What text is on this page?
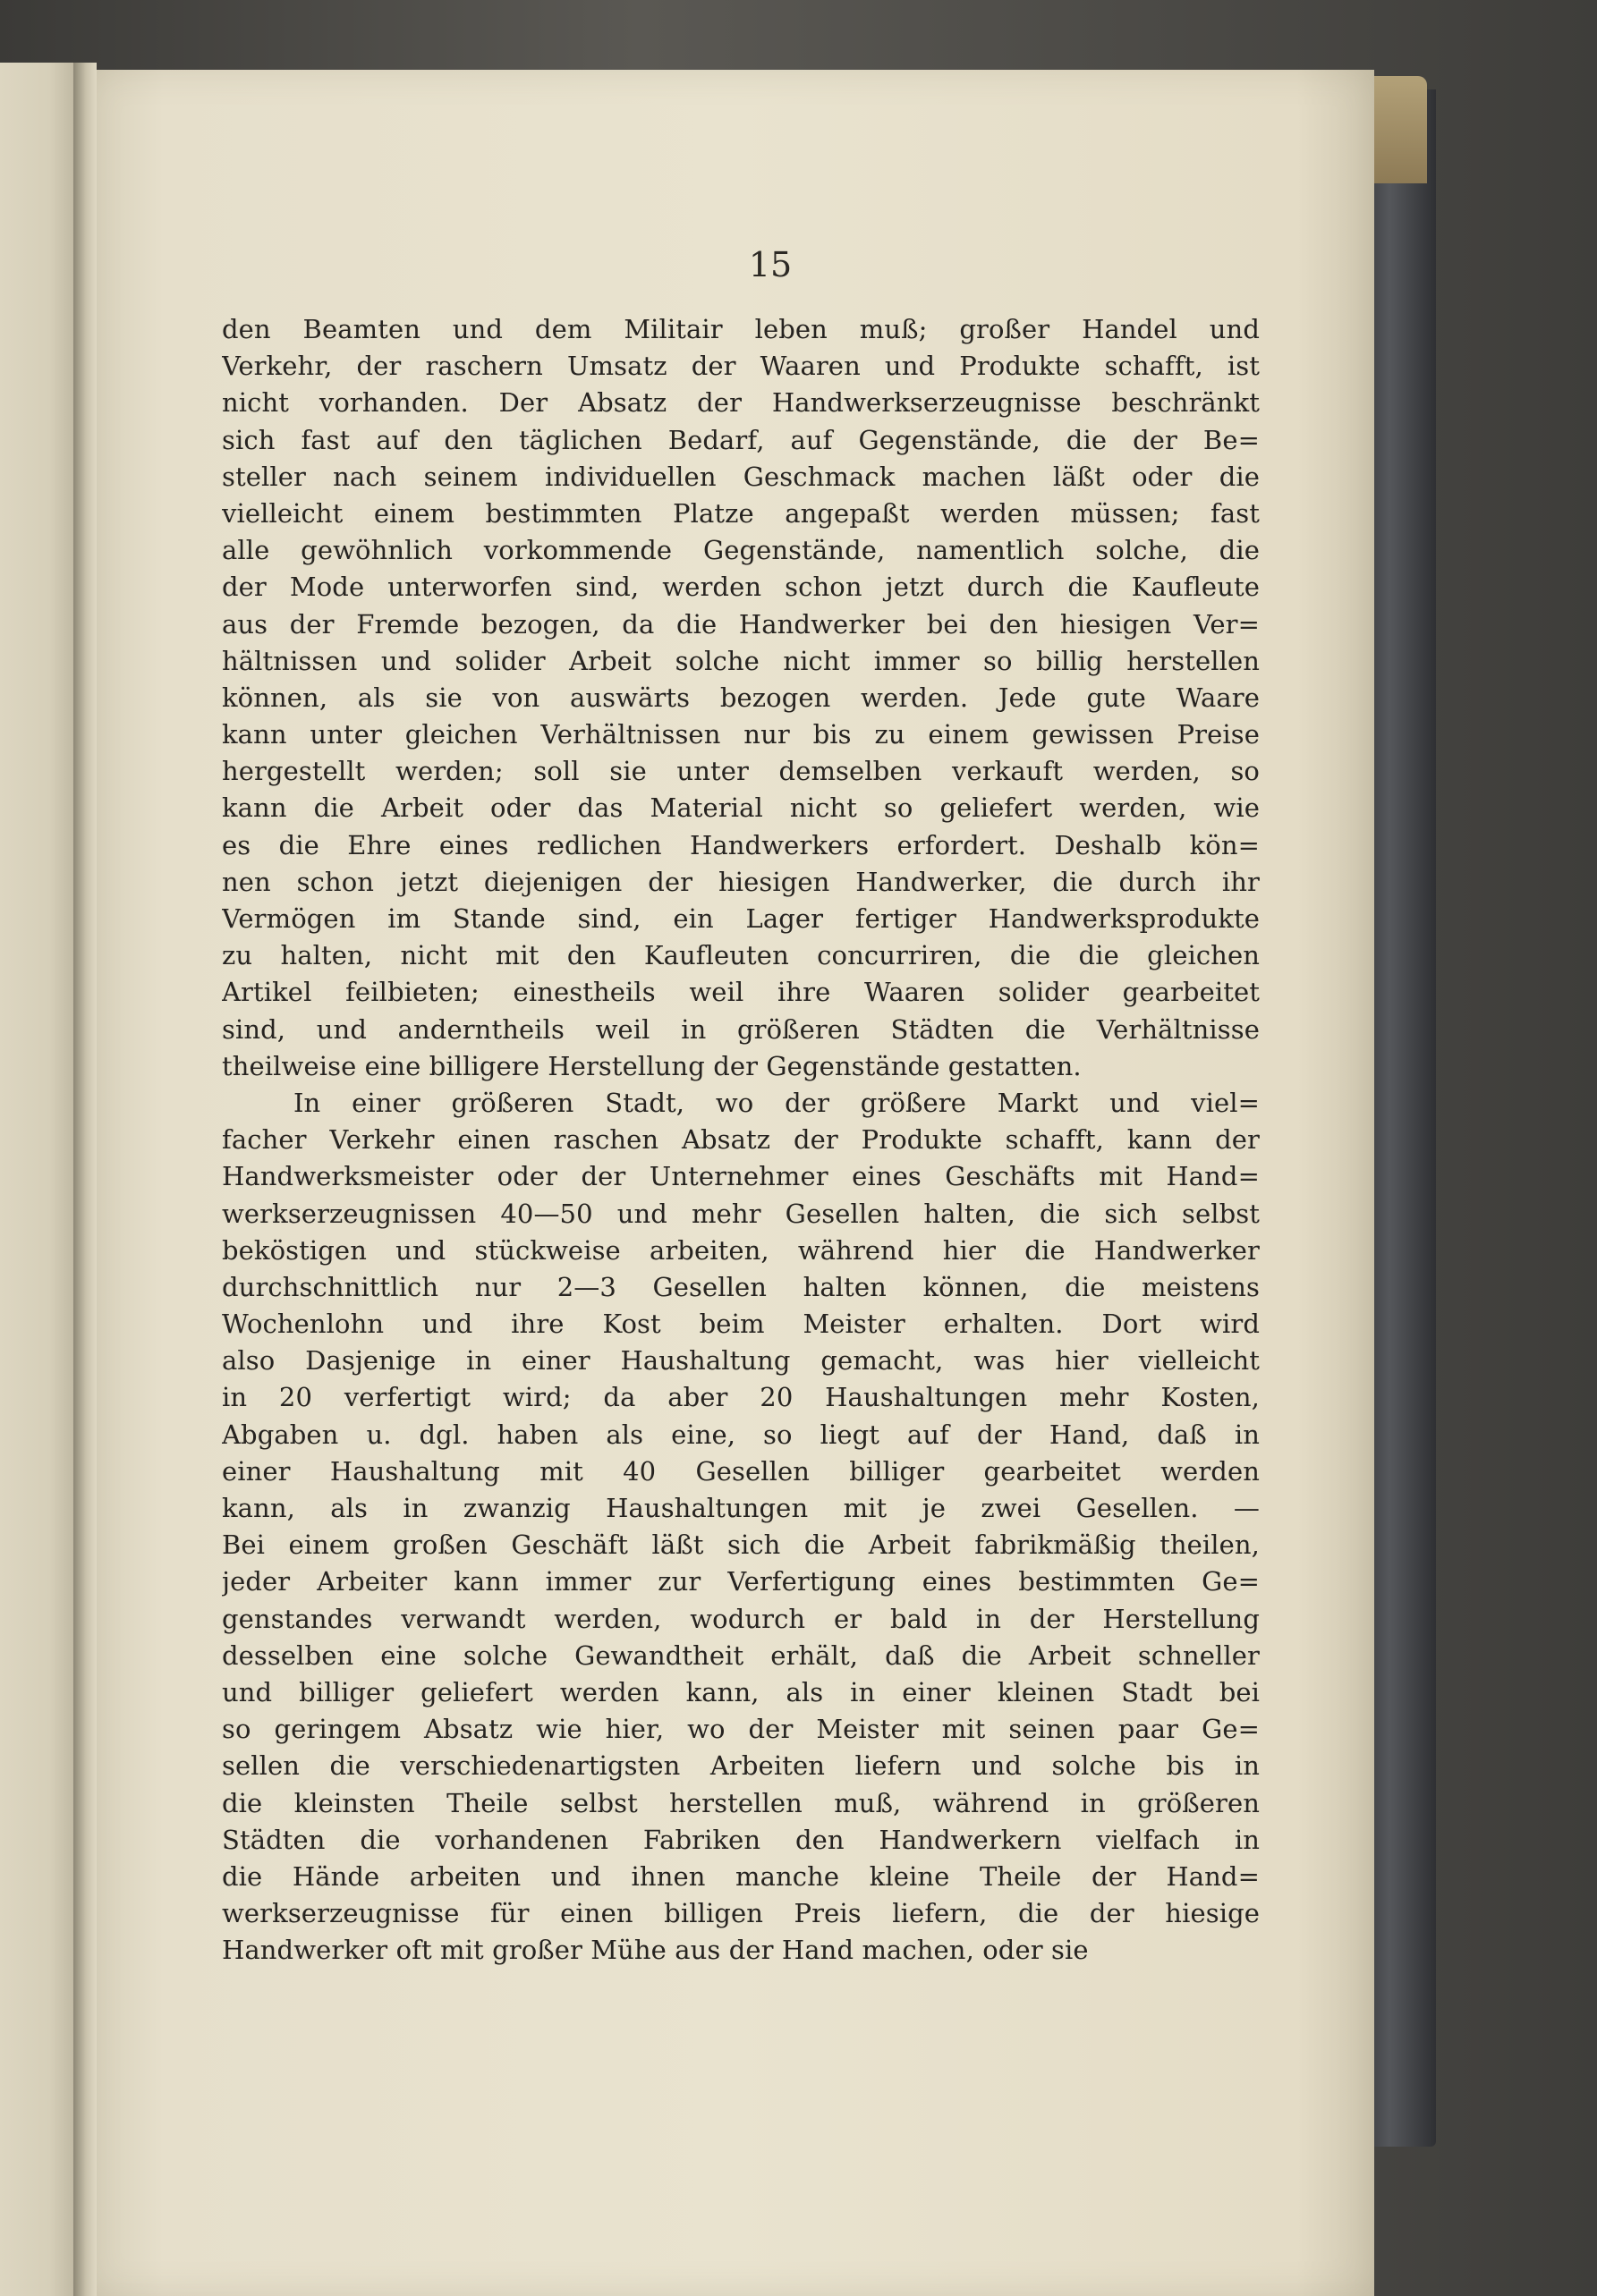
15

den Beamten und dem Militair leben muß; großer Handel und
Verkehr, der raschern Umsatz der Waaren und Produkte schafft, ist
nicht vorhanden. Der Absatz der Handwerkserzeugnisse beschränkt
sich fast auf den täglichen Bedarf, auf Gegenstände, die der Be=
steller nach seinem individuellen Geschmack machen läßt oder die
vielleicht einem bestimmten Platze angepaßt werden müssen; fast
alle gewöhnlich vorkommende Gegenstände, namentlich solche, die
der Mode unterworfen sind, werden schon jetzt durch die Kaufleute
aus der Fremde bezogen, da die Handwerker bei den hiesigen Ver=
hältnissen und solider Arbeit solche nicht immer so billig herstellen
können, als sie von auswärts bezogen werden. Jede gute Waare
kann unter gleichen Verhältnissen nur bis zu einem gewissen Preise
hergestellt werden; soll sie unter demselben verkauft werden, so
kann die Arbeit oder das Material nicht so geliefert werden, wie
es die Ehre eines redlichen Handwerkers erfordert. Deshalb kön=
nen schon jetzt diejenigen der hiesigen Handwerker, die durch ihr
Vermögen im Stande sind, ein Lager fertiger Handwerksprodukte
zu halten, nicht mit den Kaufleuten concurriren, die die gleichen
Artikel feilbieten; einestheils weil ihre Waaren solider gearbeitet
sind, und anderntheils weil in größeren Städten die Verhältnisse
theilweise eine billigere Herstellung der Gegenstände gestatten.
In einer größeren Stadt, wo der größere Markt und viel=
facher Verkehr einen raschen Absatz der Produkte schafft, kann der
Handwerksmeister oder der Unternehmer eines Geschäfts mit Hand=
werkserzeugnissen 40—50 und mehr Gesellen halten, die sich selbst
beköstigen und stückweise arbeiten, während hier die Handwerker
durchschnittlich nur 2—3 Gesellen halten können, die meistens
Wochenlohn und ihre Kost beim Meister erhalten. Dort wird
also Dasjenige in einer Haushaltung gemacht, was hier vielleicht
in 20 verfertigt wird; da aber 20 Haushaltungen mehr Kosten,
Abgaben u. dgl. haben als eine, so liegt auf der Hand, daß in
einer Haushaltung mit 40 Gesellen billiger gearbeitet werden
kann, als in zwanzig Haushaltungen mit je zwei Gesellen. —
Bei einem großen Geschäft läßt sich die Arbeit fabrikmäßig theilen,
jeder Arbeiter kann immer zur Verfertigung eines bestimmten Ge=
genstandes verwandt werden, wodurch er bald in der Herstellung
desselben eine solche Gewandtheit erhält, daß die Arbeit schneller
und billiger geliefert werden kann, als in einer kleinen Stadt bei
so geringem Absatz wie hier, wo der Meister mit seinen paar Ge=
sellen die verschiedenartigsten Arbeiten liefern und solche bis in
die kleinsten Theile selbst herstellen muß, während in größeren
Städten die vorhandenen Fabriken den Handwerkern vielfach in
die Hände arbeiten und ihnen manche kleine Theile der Hand=
werkserzeugnisse für einen billigen Preis liefern, die der hiesige
Handwerker oft mit großer Mühe aus der Hand machen, oder sie
